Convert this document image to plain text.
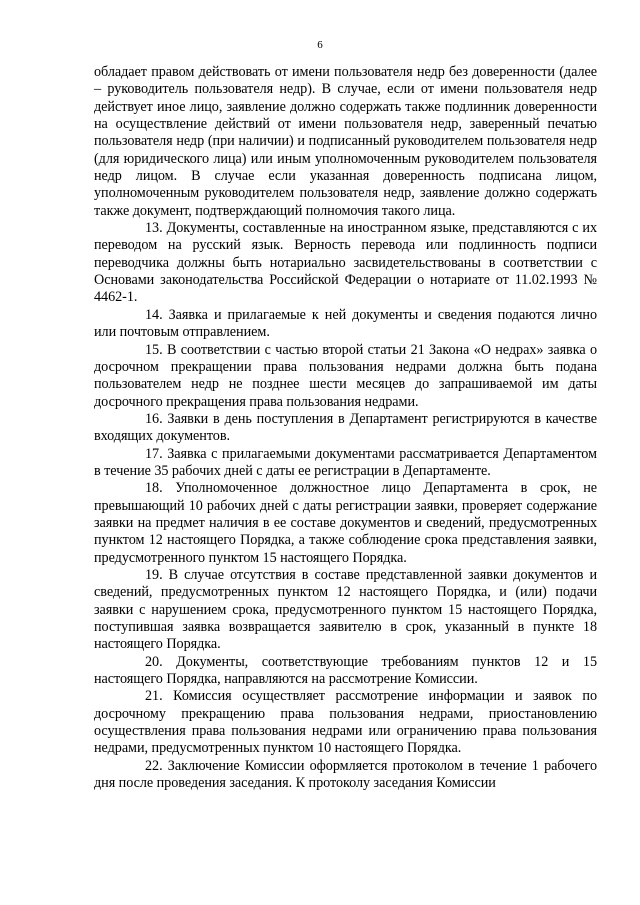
6

обладает правом действовать от имени пользователя недр без доверенности (далее – руководитель пользователя недр). В случае, если от имени пользователя недр действует иное лицо, заявление должно содержать также подлинник доверенности на осуществление действий от имени пользователя недр, заверенный печатью пользователя недр (при наличии) и подписанный руководителем пользователя недр (для юридического лица) или иным уполномоченным руководителем пользователя недр лицом. В случае если указанная доверенность подписана лицом, уполномоченным руководителем пользователя недр, заявление должно содержать также документ, подтверждающий полномочия такого лица.

13. Документы, составленные на иностранном языке, представляются с их переводом на русский язык. Верность перевода или подлинность подписи переводчика должны быть нотариально засвидетельствованы в соответствии с Основами законодательства Российской Федерации о нотариате от 11.02.1993 № 4462-1.

14. Заявка и прилагаемые к ней документы и сведения подаются лично или почтовым отправлением.

15. В соответствии с частью второй статьи 21 Закона «О недрах» заявка о досрочном прекращении права пользования недрами должна быть подана пользователем недр не позднее шести месяцев до запрашиваемой им даты досрочного прекращения права пользования недрами.

16. Заявки в день поступления в Департамент регистрируются в качестве входящих документов.

17. Заявка с прилагаемыми документами рассматривается Департаментом в течение 35 рабочих дней с даты ее регистрации в Департаменте.

18. Уполномоченное должностное лицо Департамента в срок, не превышающий 10 рабочих дней с даты регистрации заявки, проверяет содержание заявки на предмет наличия в ее составе документов и сведений, предусмотренных пунктом 12 настоящего Порядка, а также соблюдение срока представления заявки, предусмотренного пунктом 15 настоящего Порядка.

19. В случае отсутствия в составе представленной заявки документов и сведений, предусмотренных пунктом 12 настоящего Порядка, и (или) подачи заявки с нарушением срока, предусмотренного пунктом 15 настоящего Порядка, поступившая заявка возвращается заявителю в срок, указанный в пункте 18 настоящего Порядка.

20. Документы, соответствующие требованиям пунктов 12 и 15 настоящего Порядка, направляются на рассмотрение Комиссии.

21. Комиссия осуществляет рассмотрение информации и заявок по досрочному прекращению права пользования недрами, приостановлению осуществления права пользования недрами или ограничению права пользования недрами, предусмотренных пунктом 10 настоящего Порядка.

22. Заключение Комиссии оформляется протоколом в течение 1 рабочего дня после проведения заседания. К протоколу заседания Комиссии
